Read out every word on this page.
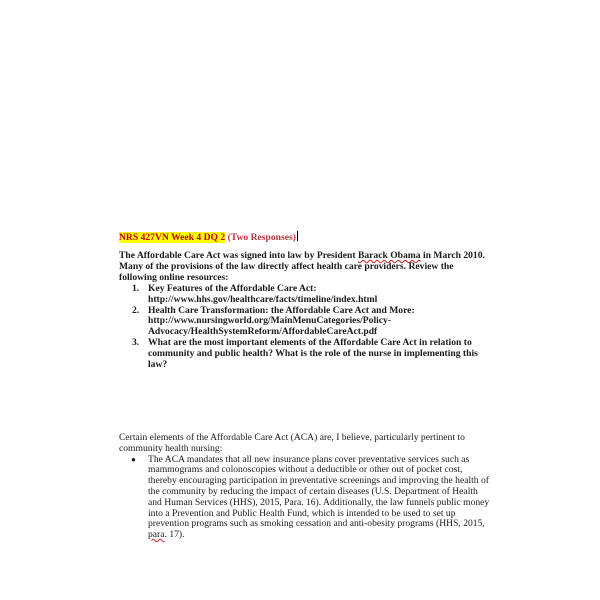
NRS 427VN Week 4 DQ 2 (Two Responses)
The Affordable Care Act was signed into law by President Barack Obama in March 2010.
Many of the provisions of the law directly affect health care providers. Review the
following online resources:
1. Key Features of the Affordable Care Act:
http://www.hhs.gov/healthcare/facts/timeline/index.html
2. Health Care Transformation: the Affordable Care Act and More:
http://www.nursingworld.org/MainMenuCategories/Policy-
Advocacy/HealthSystemReform/AffordableCareAct.pdf
3. What are the most important elements of the Affordable Care Act in relation to
community and public health? What is the role of the nurse in implementing this
law?
Certain elements of the Affordable Care Act (ACA) are, I believe, particularly pertinent to
community health nursing:
● The ACA mandates that all new insurance plans cover preventative services such as
mammograms and colonoscopies without a deductible or other out of pocket cost,
thereby encouraging participation in preventative screenings and improving the health of
the community by reducing the impact of certain diseases (U.S. Department of Health
and Human Services (HHS), 2015, Para. 16). Additionally, the law funnels public money
into a Prevention and Public Health Fund, which is intended to be used to set up
prevention programs such as smoking cessation and anti-obesity programs (HHS, 2015,
para. 17).
